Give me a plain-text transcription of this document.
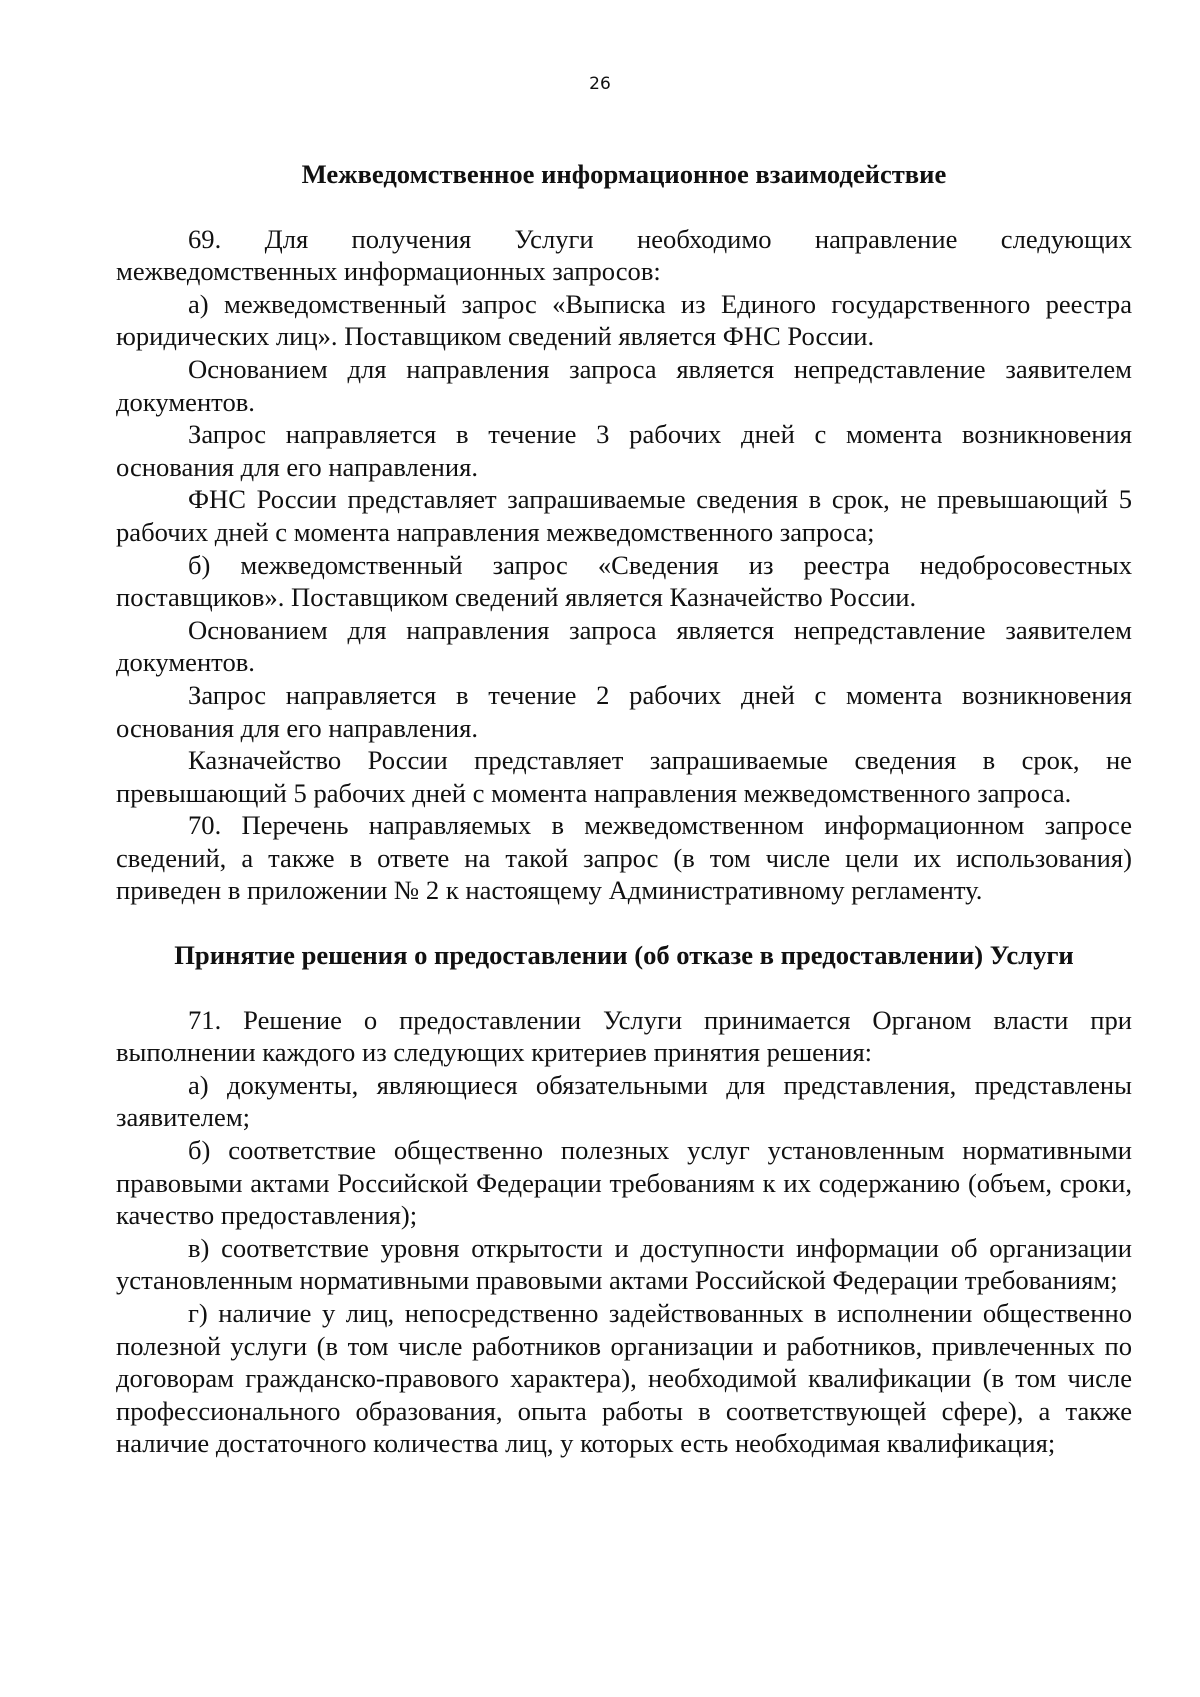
26

Межведомственное информационное взаимодействие

69. Для получения Услуги необходимо направление следующих межведомственных информационных запросов:

а) межведомственный запрос «Выписка из Единого государственного реестра юридических лиц». Поставщиком сведений является ФНС России.

Основанием для направления запроса является непредставление заявителем документов.

Запрос направляется в течение 3 рабочих дней с момента возникновения основания для его направления.

ФНС России представляет запрашиваемые сведения в срок, не превышающий 5 рабочих дней с момента направления межведомственного запроса;

б) межведомственный запрос «Сведения из реестра недобросовестных поставщиков». Поставщиком сведений является Казначейство России.

Основанием для направления запроса является непредставление заявителем документов.

Запрос направляется в течение 2 рабочих дней с момента возникновения основания для его направления.

Казначейство России представляет запрашиваемые сведения в срок, не превышающий 5 рабочих дней с момента направления межведомственного запроса.

70. Перечень направляемых в межведомственном информационном запросе сведений, а также в ответе на такой запрос (в том числе цели их использования) приведен в приложении № 2 к настоящему Административному регламенту.

Принятие решения о предоставлении (об отказе в предоставлении) Услуги

71. Решение о предоставлении Услуги принимается Органом власти при выполнении каждого из следующих критериев принятия решения:

а) документы, являющиеся обязательными для представления, представлены заявителем;

б) соответствие общественно полезных услуг установленным нормативными правовыми актами Российской Федерации требованиям к их содержанию (объем, сроки, качество предоставления);

в) соответствие уровня открытости и доступности информации об организации установленным нормативными правовыми актами Российской Федерации требованиям;

г) наличие у лиц, непосредственно задействованных в исполнении общественно полезной услуги (в том числе работников организации и работников, привлеченных по договорам гражданско-правового характера), необходимой квалификации (в том числе профессионального образования, опыта работы в соответствующей сфере), а также наличие достаточного количества лиц, у которых есть необходимая квалификация;
